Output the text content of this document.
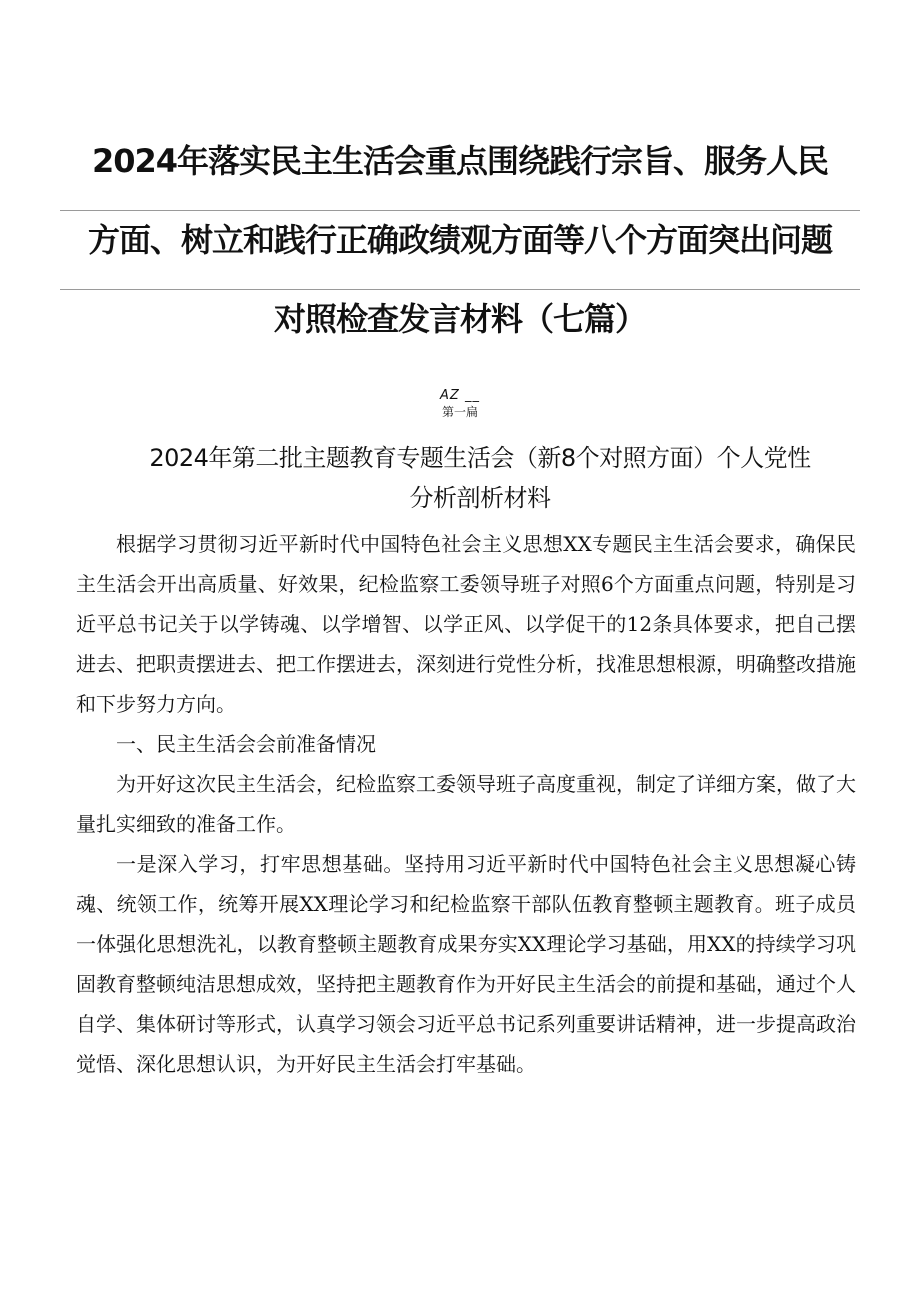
2024年落实民主生活会重点围绕践行宗旨、服务人民
方面、树立和践行正确政绩观方面等八个方面突出问题
对照检查发言材料（七篇）
AZ __
第一扁
2024年第二批主题教育专题生活会（新8个对照方面）个人党性
分析剖析材料

根据学习贯彻习近平新时代中国特色社会主义思想XX专题民主生活会要求，确保民主生活会开出高质量、好效果，纪检监察工委领导班子对照6个方面重点问题，特别是习近平总书记关于以学铸魂、以学增智、以学正风、以学促干的12条具体要求，把自己摆进去、把职责摆进去、把工作摆进去，深刻进行党性分析，找准思想根源，明确整改措施和下步努力方向。

一、民主生活会会前准备情况

为开好这次民主生活会，纪检监察工委领导班子高度重视，制定了详细方案，做了大量扎实细致的准备工作。

一是深入学习，打牢思想基础。坚持用习近平新时代中国特色社会主义思想凝心铸魂、统领工作，统筹开展XX理论学习和纪检监察干部队伍教育整顿主题教育。班子成员一体强化思想洗礼，以教育整顿主题教育成果夯实XX理论学习基础，用XX的持续学习巩固教育整顿纯洁思想成效，坚持把主题教育作为开好民主生活会的前提和基础，通过个人自学、集体研讨等形式，认真学习领会习近平总书记系列重要讲话精神，进一步提高政治觉悟、深化思想认识，为开好民主生活会打牢基础。
